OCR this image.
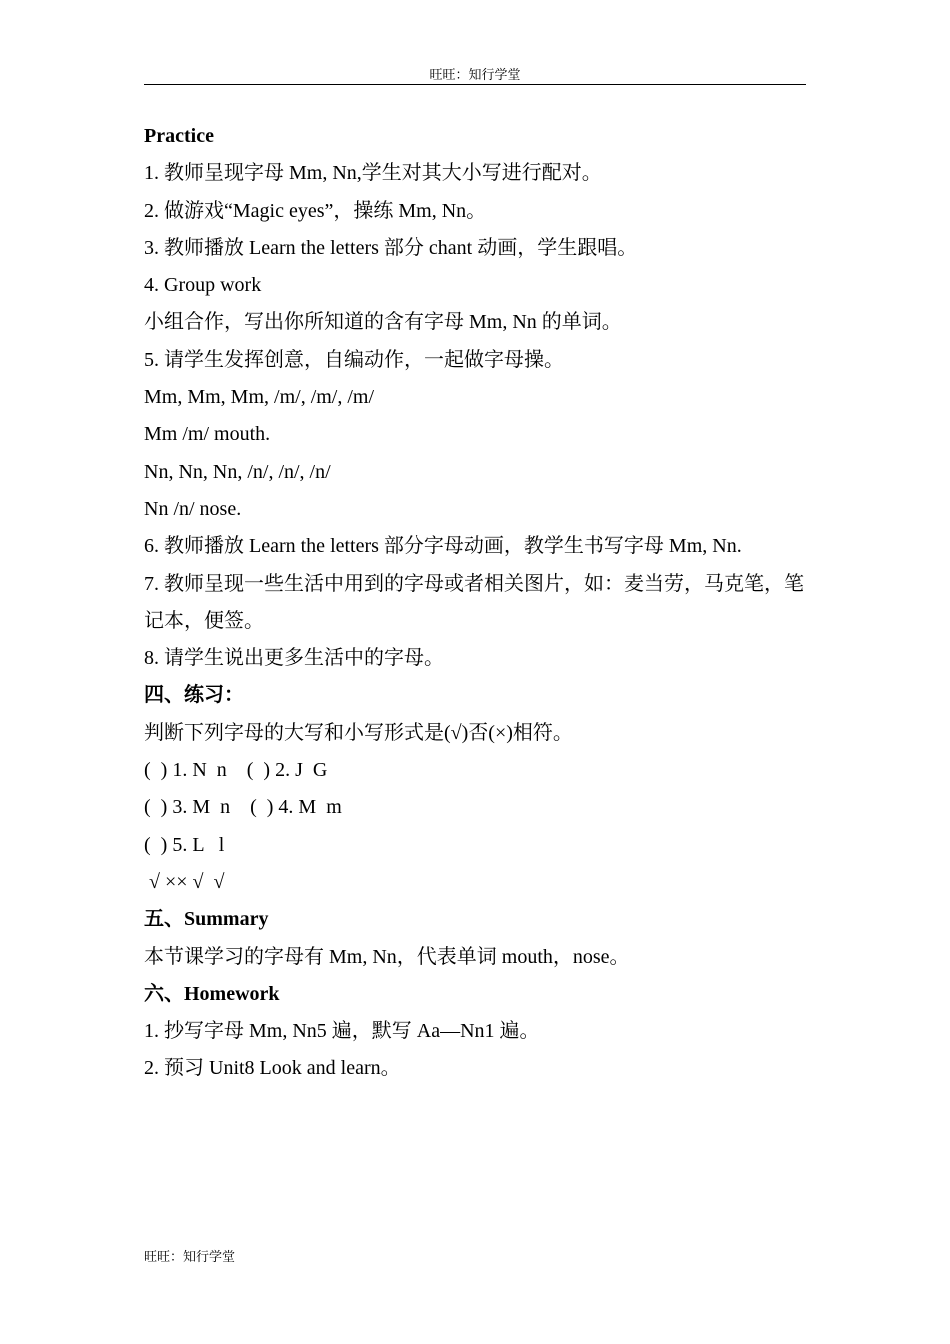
旺旺：知行学堂
Practice
1. 教师呈现字母 Mm, Nn,学生对其大小写进行配对。
2. 做游戏“Magic eyes”，操练 Mm, Nn。
3. 教师播放 Learn the letters 部分 chant 动画，学生跟唱。
4. Group work
小组合作，写出你所知道的含有字母 Mm, Nn 的单词。
5. 请学生发挥创意，自编动作，一起做字母操。
Mm, Mm, Mm, /m/, /m/, /m/
Mm /m/ mouth.
Nn, Nn, Nn, /n/, /n/, /n/
Nn /n/ nose.
6. 教师播放 Learn the letters 部分字母动画，教学生书写字母 Mm, Nn.
7. 教师呈现一些生活中用到的字母或者相关图片，如：麦当劳，马克笔，笔记本，便签。
8. 请学生说出更多生活中的字母。
四、练习：
判断下列字母的大写和小写形式是(√)否(×)相符。
(  ) 1. N  n    (  ) 2. J  G
(  ) 3. M  n    (  ) 4. M  m
(  ) 5. L   l
√ ×× √  √
五、Summary
本节课学习的字母有 Mm, Nn，代表单词 mouth，nose。
六、Homework
1. 抄写字母 Mm, Nn5 遍，默写 Aa—Nn1 遍。
2. 预习 Unit8 Look and learn。
旺旺：知行学堂
